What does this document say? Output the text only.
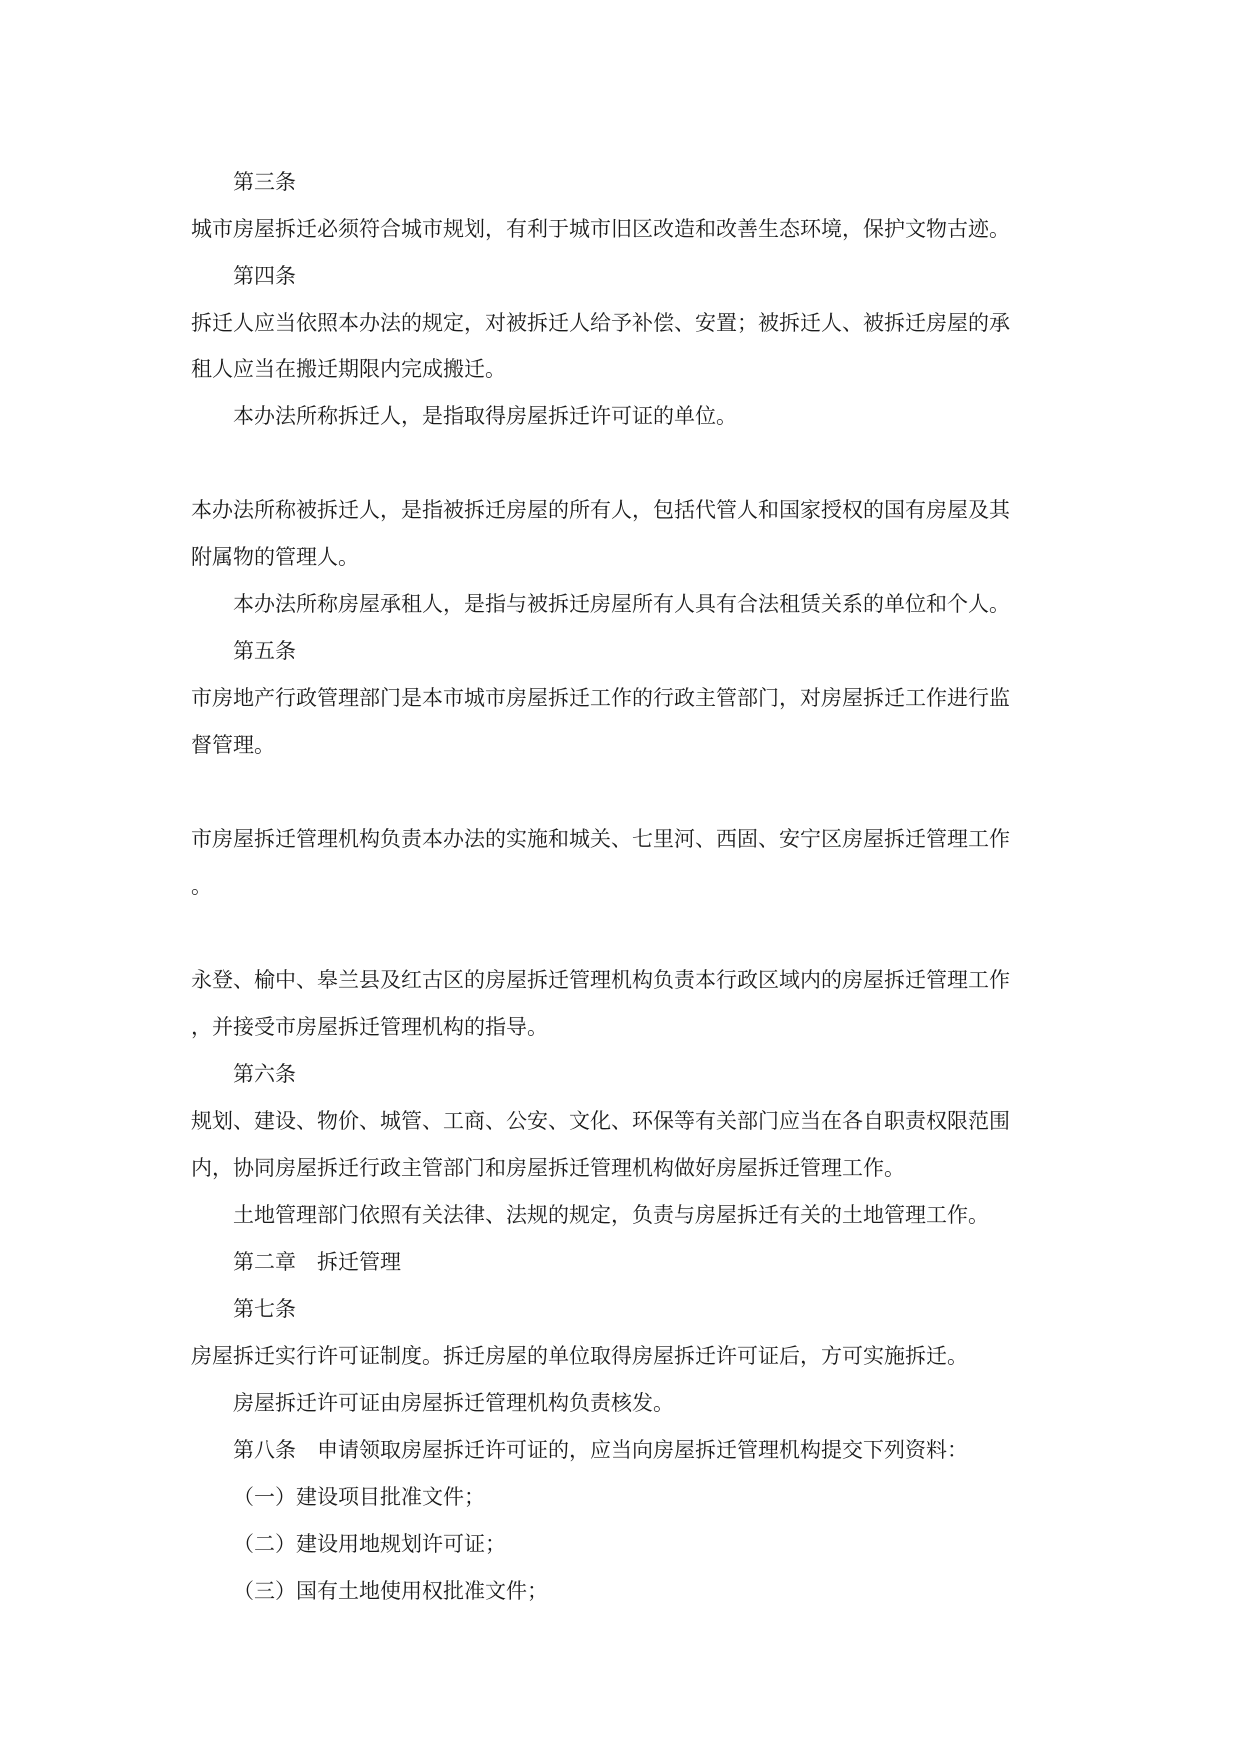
第三条
城市房屋拆迁必须符合城市规划，有利于城市旧区改造和改善生态环境，保护文物古迹。
第四条
拆迁人应当依照本办法的规定，对被拆迁人给予补偿、安置；被拆迁人、被拆迁房屋的承
租人应当在搬迁期限内完成搬迁。
本办法所称拆迁人，是指取得房屋拆迁许可证的单位。
本办法所称被拆迁人，是指被拆迁房屋的所有人，包括代管人和国家授权的国有房屋及其
附属物的管理人。
本办法所称房屋承租人，是指与被拆迁房屋所有人具有合法租赁关系的单位和个人。
第五条
市房地产行政管理部门是本市城市房屋拆迁工作的行政主管部门，对房屋拆迁工作进行监
督管理。
市房屋拆迁管理机构负责本办法的实施和城关、七里河、西固、安宁区房屋拆迁管理工作
。
永登、榆中、皋兰县及红古区的房屋拆迁管理机构负责本行政区域内的房屋拆迁管理工作
，并接受市房屋拆迁管理机构的指导。
第六条
规划、建设、物价、城管、工商、公安、文化、环保等有关部门应当在各自职责权限范围
内，协同房屋拆迁行政主管部门和房屋拆迁管理机构做好房屋拆迁管理工作。
土地管理部门依照有关法律、法规的规定，负责与房屋拆迁有关的土地管理工作。
第二章　拆迁管理
第七条
房屋拆迁实行许可证制度。拆迁房屋的单位取得房屋拆迁许可证后，方可实施拆迁。
房屋拆迁许可证由房屋拆迁管理机构负责核发。
第八条　申请领取房屋拆迁许可证的，应当向房屋拆迁管理机构提交下列资料：
（一）建设项目批准文件；
（二）建设用地规划许可证；
（三）国有土地使用权批准文件；
